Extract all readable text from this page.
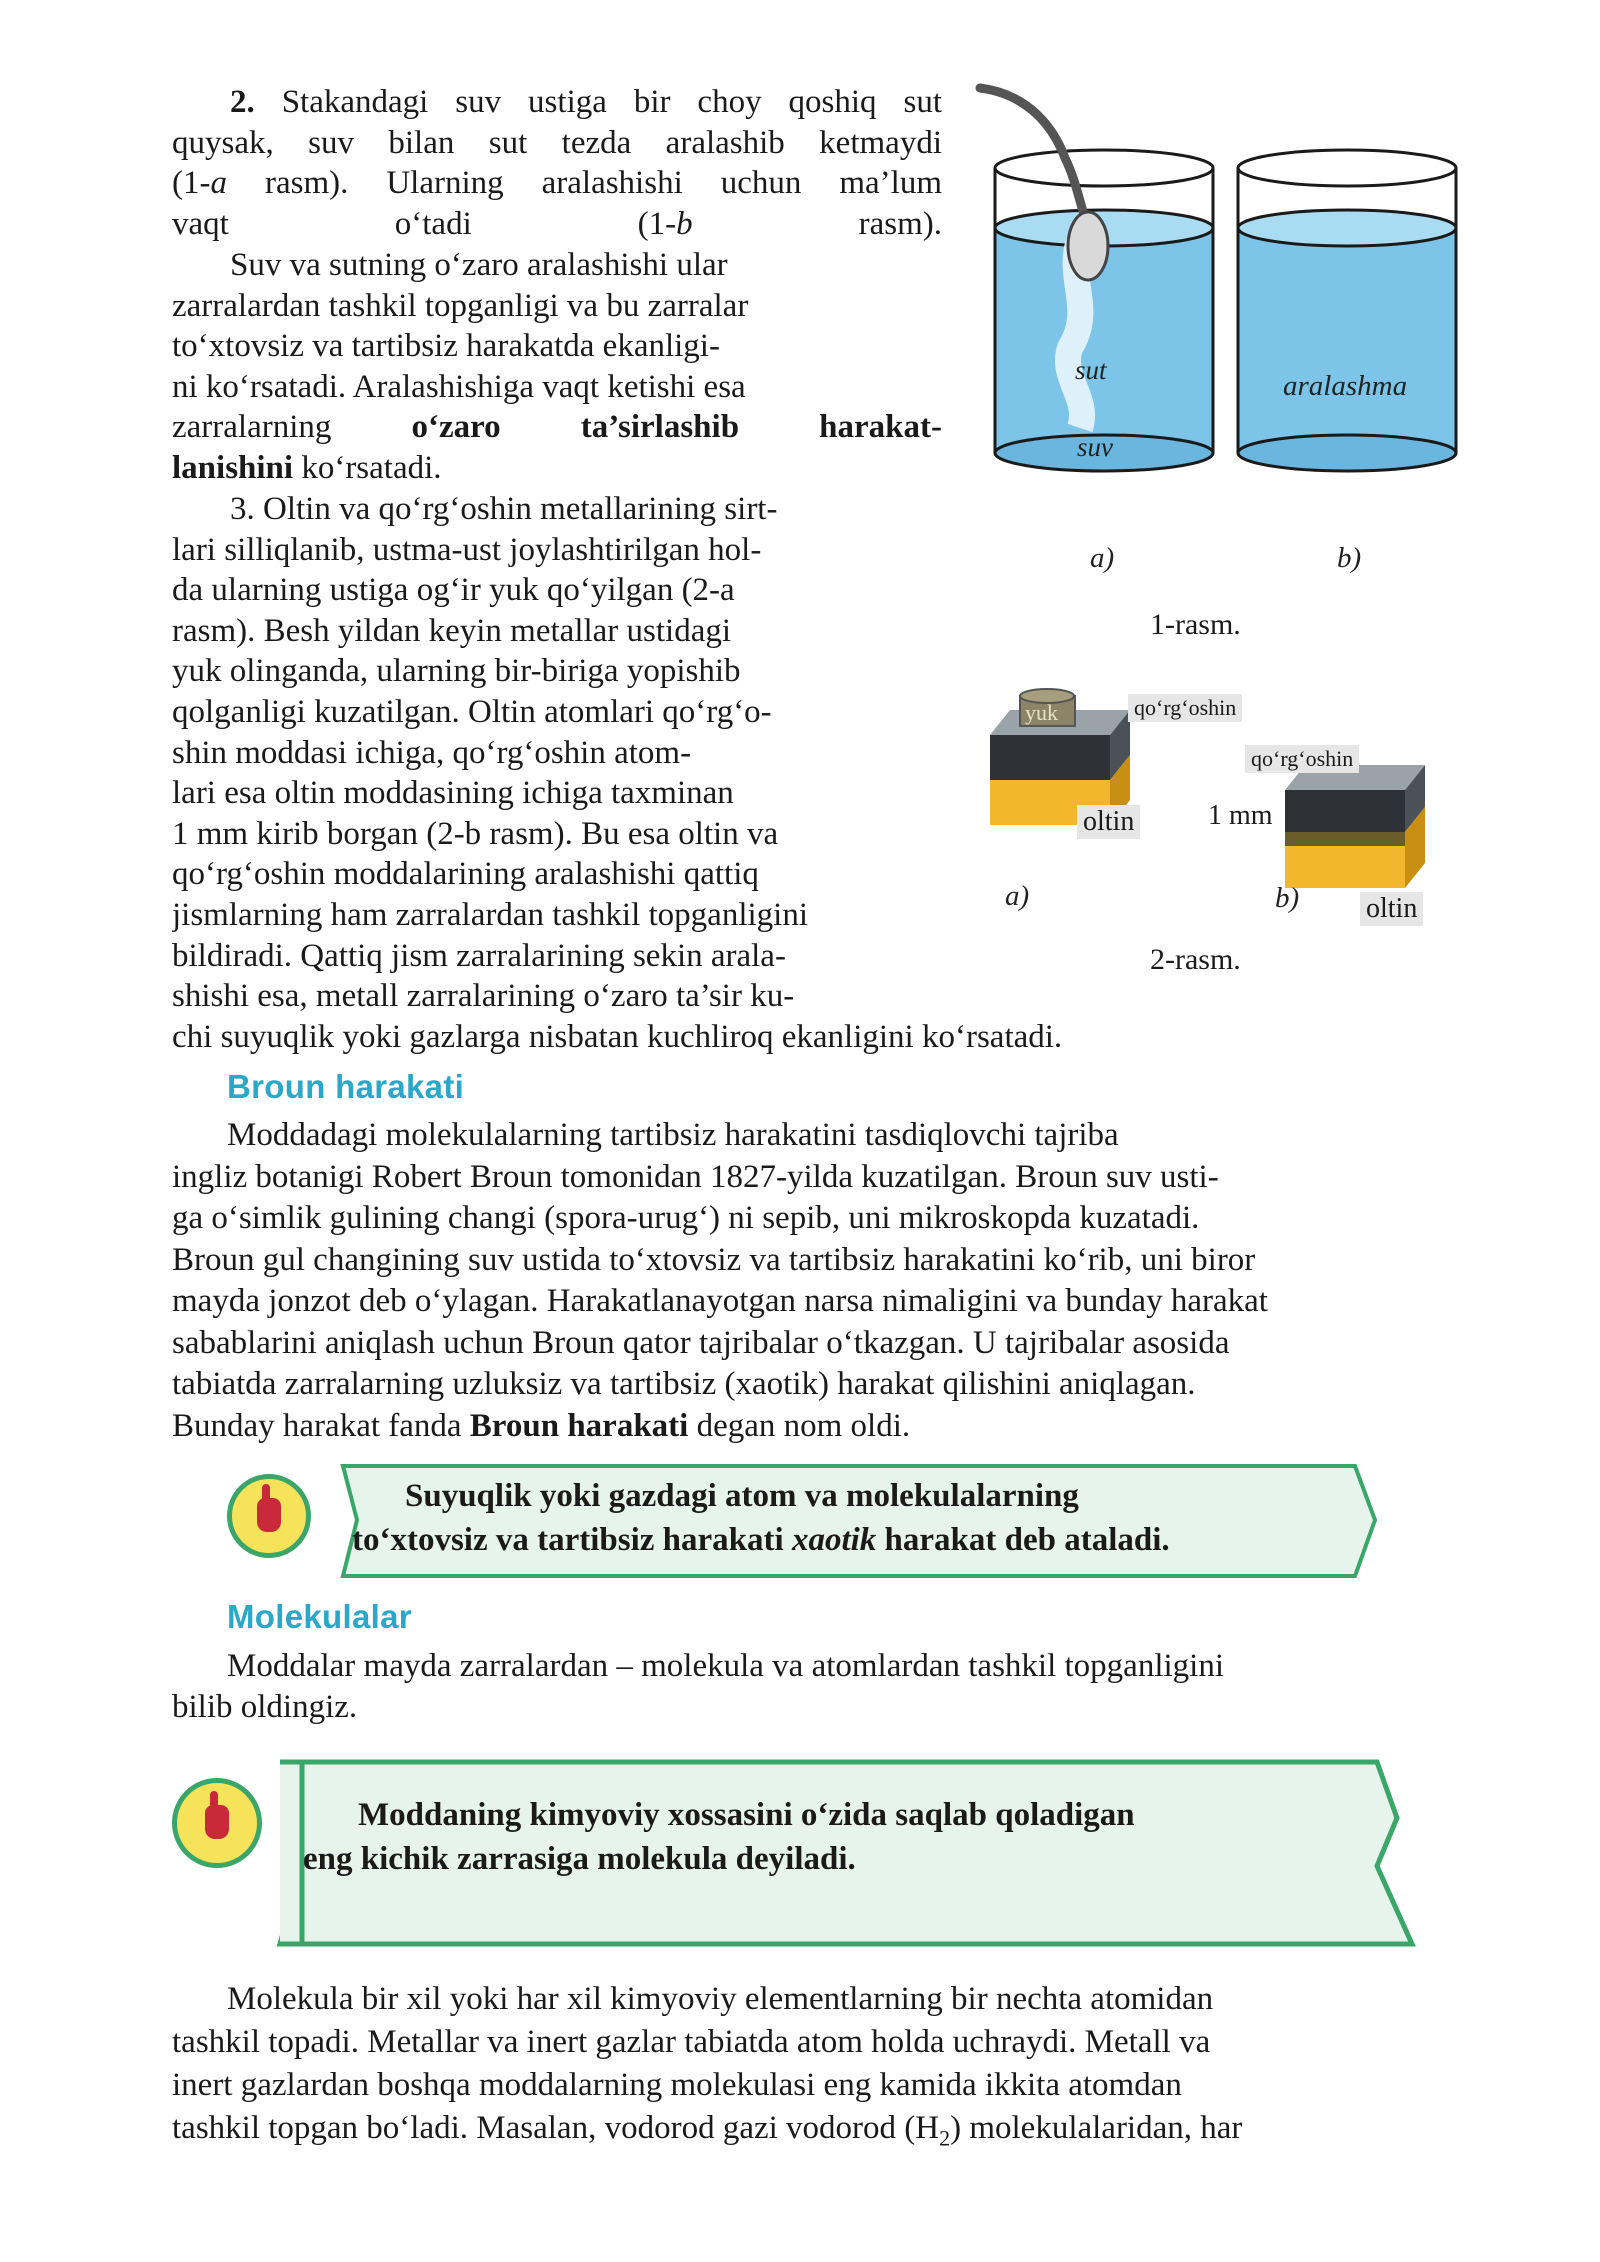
2. Stakandagi suv ustiga bir choy qoshiq sut
quysak, suv bilan sut tezda aralashib ketmaydi
(1-a rasm). Ularning aralashishi uchun ma’lum
vaqt o‘tadi (1-b rasm).
Suv va sutning o‘zaro aralashishi ular
zarralardan tashkil topganligi va bu zarralar
to‘xtovsiz va tartibsiz harakatda ekanligi-
ni ko‘rsatadi. Aralashishiga vaqt ketishi esa
zarralarning o‘zaro ta’sirlashib harakat-
lanishini ko‘rsatadi.
3. Oltin va qo‘rg‘oshin metallarining sirt-
lari silliqlanib, ustma-ust joylashtirilgan hol-
da ularning ustiga og‘ir yuk qo‘yilgan (2-a
rasm). Besh yildan keyin metallar ustidagi
yuk olinganda, ularning bir-biriga yopishib
qolganligi kuzatilgan. Oltin atomlari qo‘rg‘o-
shin moddasi ichiga, qo‘rg‘oshin atom-
lari esa oltin moddasining ichiga taxminan
1 mm kirib borgan (2-b rasm). Bu esa oltin va
qo‘rg‘oshin moddalarining aralashishi qattiq
jismlarning ham zarralardan tashkil topganligini
bildiradi. Qattiq jism zarralarining sekin arala-
shishi esa, metall zarralarining o‘zaro ta’sir ku-
chi suyuqlik yoki gazlarga nisbatan kuchliroq ekanligini ko‘rsatadi.
sut
suv
aralashma
a)	b)
1-rasm.
yuk	qo‘rg‘oshin
qo‘rg‘oshin
oltin	1 mm
oltin
a)	b)
2-rasm.
Broun harakati
Moddadagi molekulalarning tartibsiz harakatini tasdiqlovchi tajriba
ingliz botanigi Robert Broun tomonidan 1827-yilda kuzatilgan. Broun suv usti-
ga o‘simlik gulining changi (spora-urug‘) ni sepib, uni mikroskopda kuzatadi.
Broun gul changining suv ustida to‘xtovsiz va tartibsiz harakatini ko‘rib, uni biror
mayda jonzot deb o‘ylagan. Harakatlanayotgan narsa nimaligini va bunday harakat
sabablarini aniqlash uchun Broun qator tajribalar o‘tkazgan. U tajribalar asosida
tabiatda zarralarning uzluksiz va tartibsiz (xaotik) harakat qilishini aniqlagan.
Bunday harakat fanda Broun harakati degan nom oldi.
Suyuqlik yoki gazdagi atom va molekulalarning
to‘xtovsiz va tartibsiz harakati xaotik harakat deb ataladi.
Molekulalar
Moddalar mayda zarralardan – molekula va atomlardan tashkil topganligini
bilib oldingiz.
Moddaning kimyoviy xossasini o‘zida saqlab qoladigan
eng kichik zarrasiga molekula deyiladi.
Molekula bir xil yoki har xil kimyoviy elementlarning bir nechta atomidan
tashkil topadi. Metallar va inert gazlar tabiatda atom holda uchraydi. Metall va
inert gazlardan boshqa moddalarning molekulasi eng kamida ikkita atomdan
tashkil topgan bo‘ladi. Masalan, vodorod gazi vodorod $(H_2)$ molekulalaridan, har
